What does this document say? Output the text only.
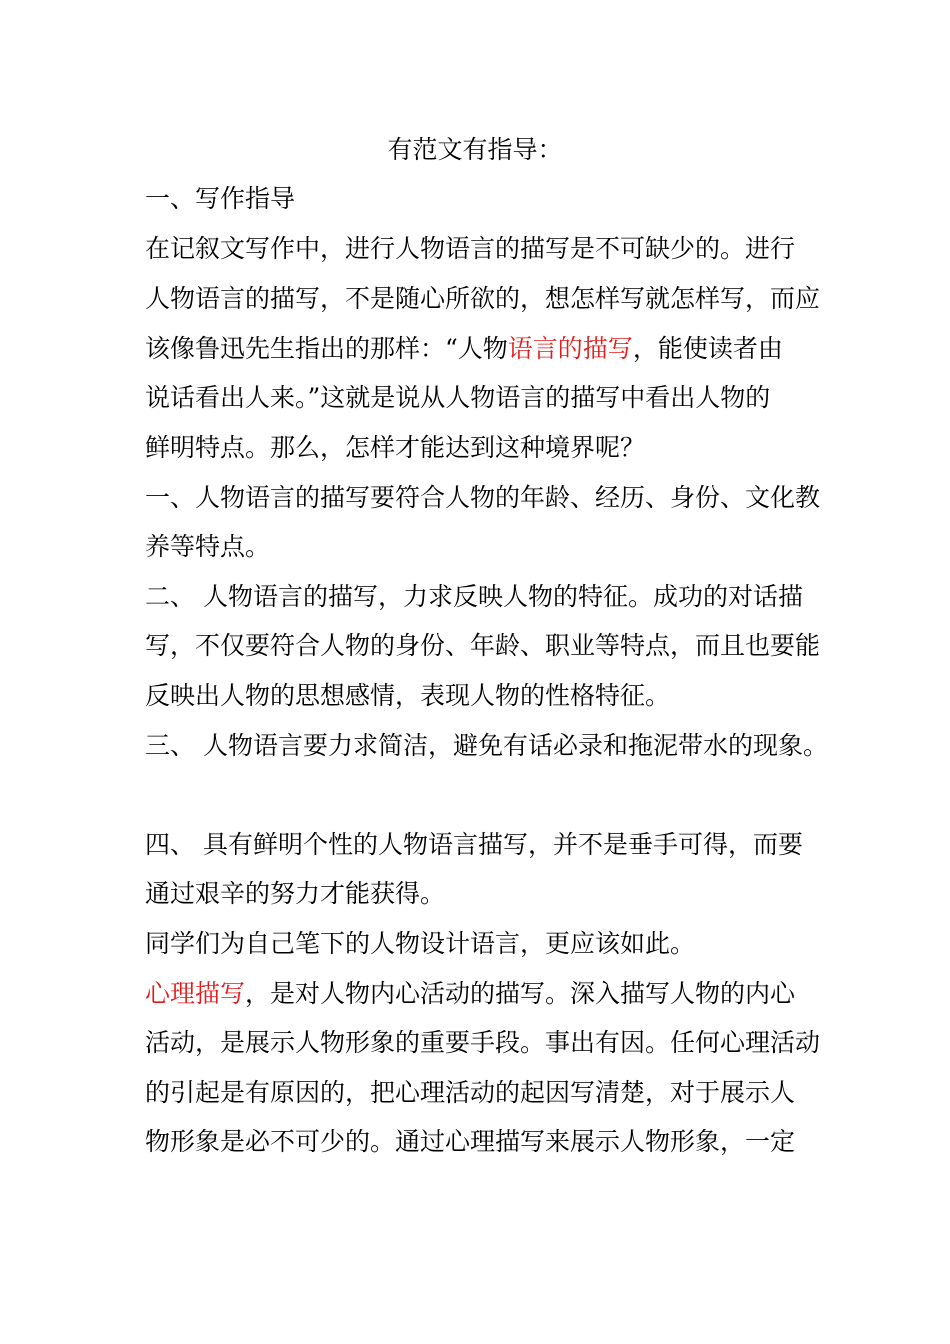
有范文有指导：
一、写作指导
在记叙文写作中，进行人物语言的描写是不可缺少的。进行
人物语言的描写，不是随心所欲的，想怎样写就怎样写，而应
该像鲁迅先生指出的那样：“人物语言的描写，能使读者由
说话看出人来。”这就是说从人物语言的描写中看出人物的
鲜明特点。那么，怎样才能达到这种境界呢？
一、人物语言的描写要符合人物的年龄、经历、身份、文化教
养等特点。
二、 人物语言的描写，力求反映人物的特征。成功的对话描
写，不仅要符合人物的身份、年龄、职业等特点，而且也要能
反映出人物的思想感情，表现人物的性格特征。
三、 人物语言要力求简洁，避免有话必录和拖泥带水的现象。
四、 具有鲜明个性的人物语言描写，并不是垂手可得，而要
通过艰辛的努力才能获得。
同学们为自己笔下的人物设计语言，更应该如此。
心理描写，是对人物内心活动的描写。深入描写人物的内心
活动，是展示人物形象的重要手段。事出有因。任何心理活动
的引起是有原因的，把心理活动的起因写清楚，对于展示人
物形象是必不可少的。通过心理描写来展示人物形象，一定
